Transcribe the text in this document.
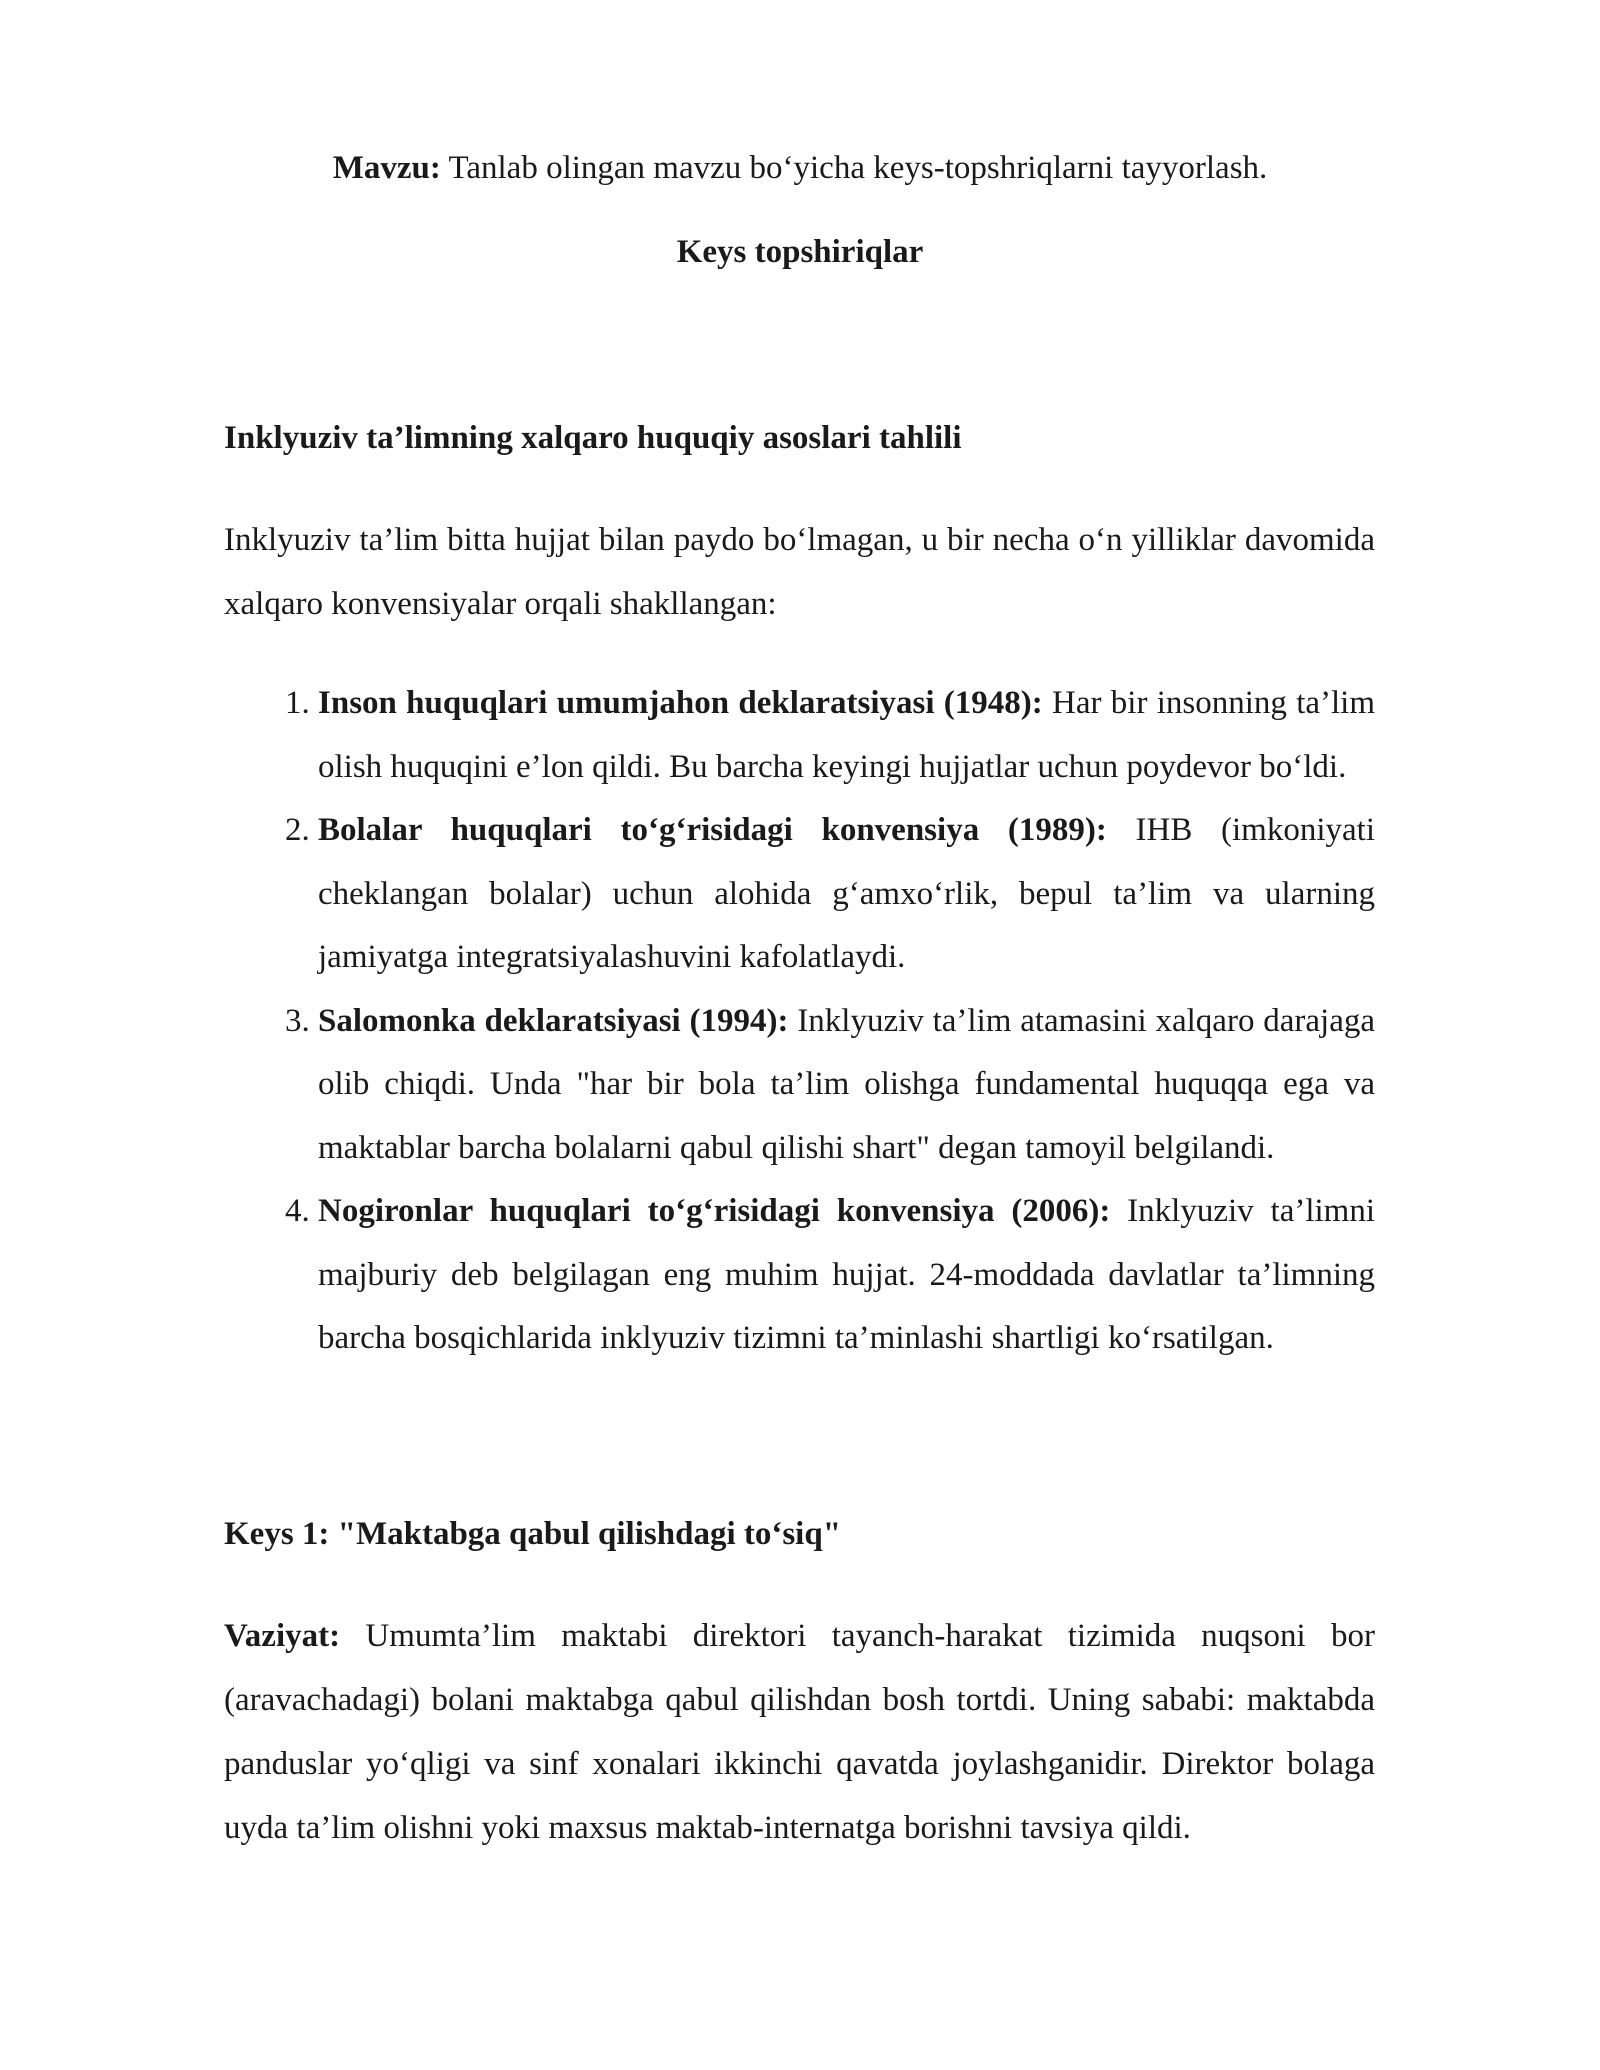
Mavzu: Tanlab olingan mavzu bo‘yicha keys-topshriqlarni tayyorlash.
Keys topshiriqlar
Inklyuziv ta’limning xalqaro huquqiy asoslari tahlili
Inklyuziv ta’lim bitta hujjat bilan paydo bo‘lmagan, u bir necha o‘n yilliklar davomida xalqaro konvensiyalar orqali shakllangan:
1. Inson huquqlari umumjahon deklaratsiyasi (1948): Har bir insonning ta’lim olish huquqini e’lon qildi. Bu barcha keyingi hujjatlar uchun poydevor bo‘ldi.
2. Bolalar huquqlari to‘g‘risidagi konvensiya (1989): IHB (imkoniyati cheklangan bolalar) uchun alohida g‘amxo‘rlik, bepul ta’lim va ularning jamiyatga integratsiyalashuvini kafolatlaydi.
3. Salomonka deklaratsiyasi (1994): Inklyuziv ta’lim atamasini xalqaro darajaga olib chiqdi. Unda "har bir bola ta’lim olishga fundamental huquqqa ega va maktablar barcha bolalarni qabul qilishi shart" degan tamoyil belgilandi.
4. Nogironlar huquqlari to‘g‘risidagi konvensiya (2006): Inklyuziv ta’limni majburiy deb belgilagan eng muhim hujjat. 24-moddada davlatlar ta’limning barcha bosqichlarida inklyuziv tizimni ta’minlashi shartligi ko‘rsatilgan.
Keys 1: "Maktabga qabul qilishdagi to‘siq"
Vaziyat: Umumta’lim maktabi direktori tayanch-harakat tizimida nuqsoni bor (aravachadagi) bolani maktabga qabul qilishdan bosh tortdi. Uning sababi: maktabda panduslar yo‘qligi va sinf xonalari ikkinchi qavatda joylashganidir. Direktor bolaga uyda ta’lim olishni yoki maxsus maktab-internatga borishni tavsiya qildi.
